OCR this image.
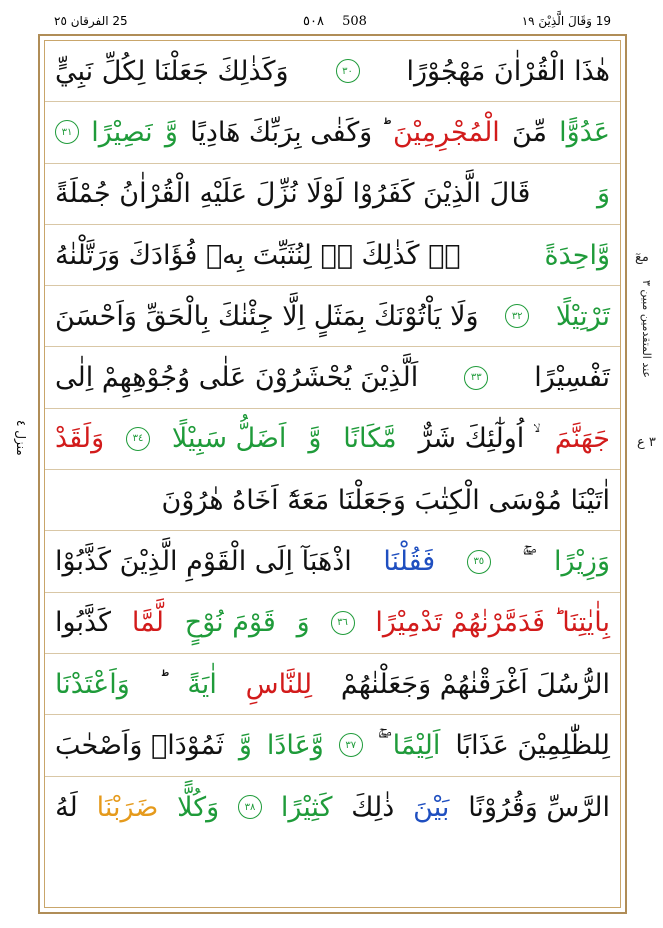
25 الفرقان ٢٥	٥٠٨ 508	19 وَقَالَ الَّذِيْنَ ١٩
هٰذَا الْقُرْاٰنَ مَهْجُوْرًا
٣٠
وَكَذٰلِكَ جَعَلْنَا لِكُلِّ نَبِيٍّ
عَدُوًّا
مِّنَ
الْمُجْرِمِيْنَ
ؕ وَكَفٰى بِرَبِّكَ هَادِيًا
وَّ
نَصِيْرًا
٣١
وَ
قَالَ الَّذِيْنَ كَفَرُوْا لَوْلَا نُزِّلَ عَلَيْهِ الْقُرْاٰنُ جُمْلَةً
وَّاحِدَةً
ۚۛ كَذٰلِكَ ۚۛ لِنُثَبِّتَ بِهٖ فُؤَادَكَ وَرَتَّلْنٰهُ
تَرْتِيْلًا
٣٢
وَلَا يَاْتُوْنَكَ بِمَثَلٍ اِلَّا جِئْنٰكَ بِالْحَقِّ وَاَحْسَنَ
تَفْسِيْرًا
٣٣
اَلَّذِيْنَ يُحْشَرُوْنَ عَلٰى وُجُوْهِهِمْ اِلٰى
جَهَنَّمَ
ۙ اُولٰٓئِكَ شَرٌّ
مَّكَانًا
وَّ
اَضَلُّ سَبِيْلًا
٣٤
وَلَقَدْ
اٰتَيْنَا مُوْسَى الْكِتٰبَ وَجَعَلْنَا مَعَهٗٓ اَخَاهُ هٰرُوْنَ
وَزِيْرًا
٣٥
فَقُلْنَا
اذْهَبَآ اِلَى الْقَوْمِ الَّذِيْنَ كَذَّبُوْا
بِاٰيٰتِنَا ؕ فَدَمَّرْنٰهُمْ تَدْمِيْرًا
٣٦
وَ
قَوْمَ نُوْحٍ
لَّمَّا
كَذَّبُوا
الرُّسُلَ اَغْرَقْنٰهُمْ وَجَعَلْنٰهُمْ
لِلنَّاسِ
اٰيَةً
وَاَعْتَدْنَا
لِلظّٰلِمِيْنَ عَذَابًا
اَلِيْمًا
٣٧
وَّعَادًا
وَّ
ثَمُوْدَا۠ وَاَصْحٰبَ
الرَّسِّ وَقُرُوْنًا
بَيْنَ
ذٰلِكَ
كَثِيْرًا
٣٨
وَكُلًّا
ضَرَبْنَا
لَهُ
معٓ
عند المتقدمین مبین ٣
٣ ع
منزل ٤
